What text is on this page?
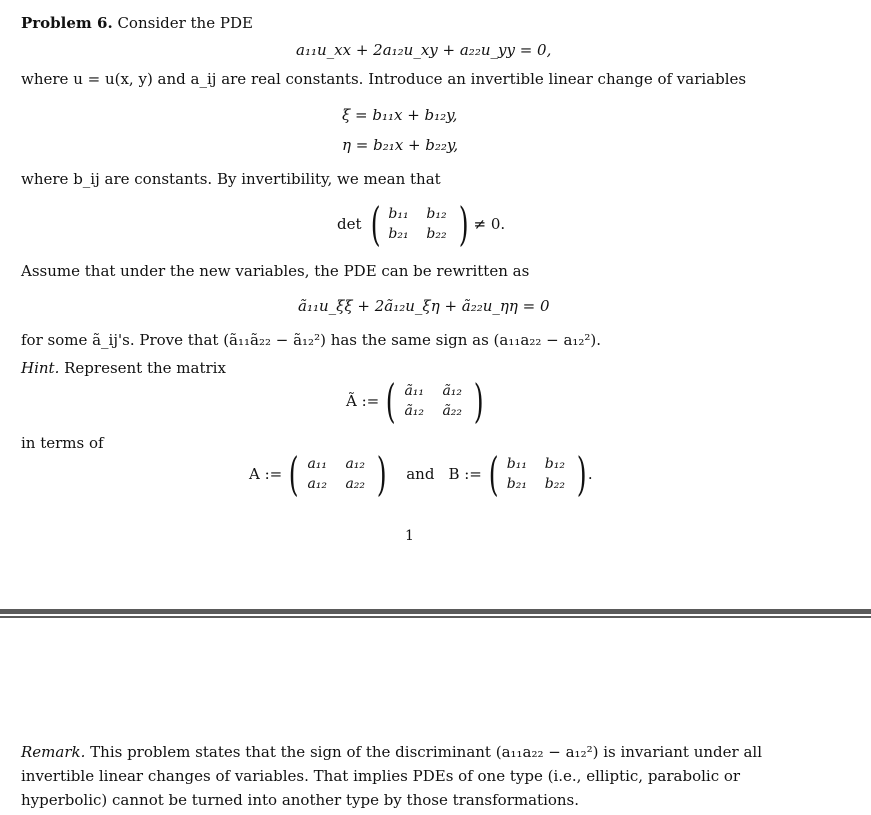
Problem 6. Consider the PDE
a₁₁u_xx + 2a₁₂u_xy + a₂₂u_yy = 0,
where u = u(x, y) and a_ij are real constants. Introduce an invertible linear change of variables
ξ = b₁₁x + b₁₂y,
η = b₂₁x + b₂₂y,
where b_ij are constants. By invertibility, we mean that
det ( b₁₁	b₁₂
b₂₁	b₂₂ ) ≠ 0.
Assume that under the new variables, the PDE can be rewritten as
ã₁₁u_ξξ + 2ã₁₂u_ξη + ã₂₂u_ηη = 0
for some ã_ij's. Prove that (ã₁₁ã₂₂ − ã₁₂²) has the same sign as (a₁₁a₂₂ − a₁₂²).
Hint. Represent the matrix
Ã := ( ã₁₁	ã₁₂
ã₁₂	ã₂₂ )
in terms of
A := ( a₁₁	a₁₂
a₁₂	a₂₂ ) and B := ( b₁₁	b₁₂
b₂₁	b₂₂ ) .
1
Remark. This problem states that the sign of the discriminant (a₁₁a₂₂ − a₁₂²) is invariant under all invertible linear changes of variables. That implies PDEs of one type (i.e., elliptic, parabolic or hyperbolic) cannot be turned into another type by those transformations.
